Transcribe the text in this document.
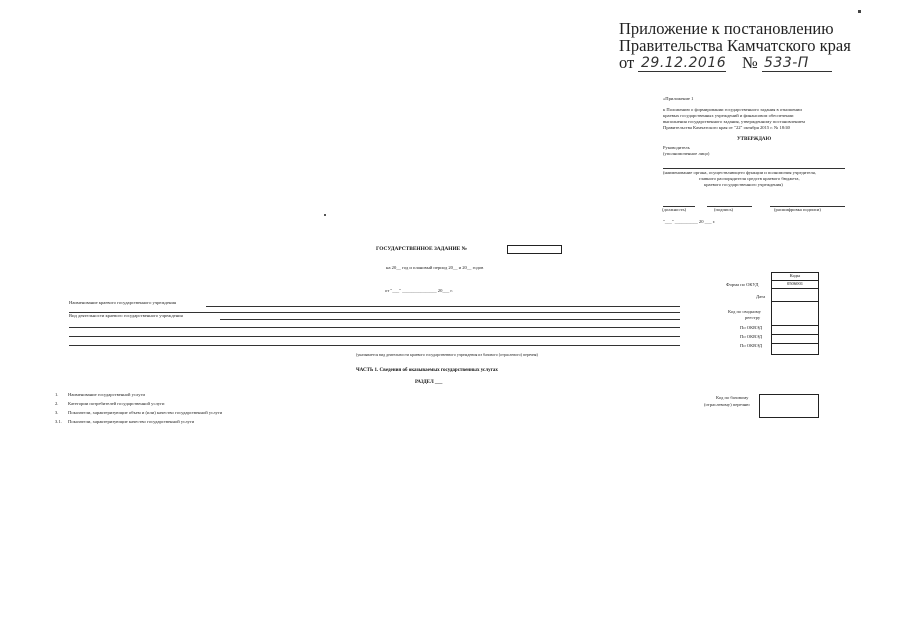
Приложение к постановлению
Правительства Камчатского края
от 29.12.2016 № 533-П
«Приложение 1
к Положению о формировании государственного задания в отношении
краевых государственных учреждений и финансовом обеспечении
выполнения государственного задания, утвержденному постановлением
Правительства Камчатского края от "22" октября 2015 г. № 18/40
УТВЕРЖДАЮ
Руководитель
(уполномоченное лицо)
(наименование органа, осуществляющего функции и полномочия учредителя,
главного распорядителя средств краевого бюджета,
краевого государственного учреждения)
(должность)	(подпись)	(расшифровка подписи)
"___" __________ 20 ___ г.
ГОСУДАРСТВЕННОЕ ЗАДАНИЕ №
на 20__ год и плановый период 20__ и 20__ годов
от "___" _______________ 20___ г.
Наименование краевого государственного учреждения
Вид деятельности краевого государственного учреждения
(указывается вид деятельности краевого государственного учреждения из базового (отраслевого) перечня)
Форма по ОКУД
Дата
Код по сводному
реестру
По ОКВЭД
По ОКВЭД
По ОКВЭД
Коды
0506001
ЧАСТЬ 1. Сведения об оказываемых государственных услугах
РАЗДЕЛ ___
Код по базовому
(отраслевому) перечню
1. Наименование государственной услуги
2. Категории потребителей государственной услуги
3. Показатели, характеризующие объем и (или) качество государственной услуги
3.1. Показатели, характеризующие качество государственной услуги
